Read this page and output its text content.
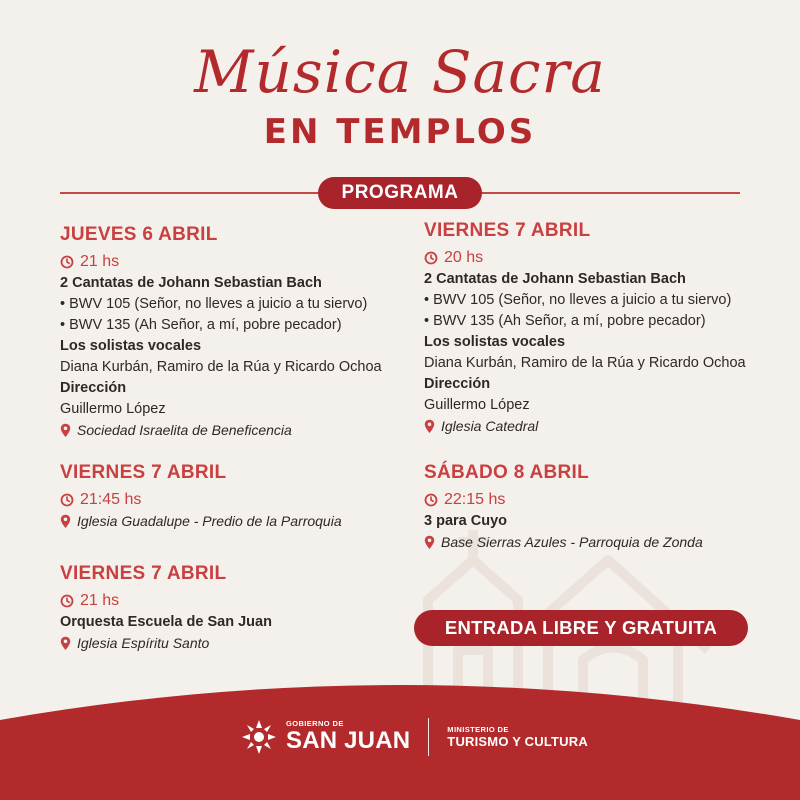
Música Sacra
EN TEMPLOS
PROGRAMA
JUEVES 6 ABRIL
21 hs
2 Cantatas de Johann Sebastian Bach
• BWV 105 (Señor, no lleves a juicio a tu siervo)
• BWV 135 (Ah Señor, a mí, pobre pecador)
Los solistas vocales
Diana Kurbán, Ramiro de la Rúa y Ricardo Ochoa
Dirección
Guillermo López
Sociedad Israelita de Beneficencia
VIERNES 7 ABRIL
20 hs
2 Cantatas de Johann Sebastian Bach
• BWV 105 (Señor, no lleves a juicio a tu siervo)
• BWV 135 (Ah Señor, a mí, pobre pecador)
Los solistas vocales
Diana Kurbán, Ramiro de la Rúa y Ricardo Ochoa
Dirección
Guillermo López
Iglesia Catedral
VIERNES 7 ABRIL
21:45 hs
Iglesia Guadalupe - Predio de la Parroquia
SÁBADO 8 ABRIL
22:15 hs
3 para Cuyo
Base Sierras Azules - Parroquia de Zonda
VIERNES 7 ABRIL
21 hs
Orquesta Escuela de San Juan
Iglesia Espíritu Santo
ENTRADA LIBRE Y GRATUITA
GOBIERNO DE
SAN JUAN	MINISTERIO DE
TURISMO Y CULTURA
